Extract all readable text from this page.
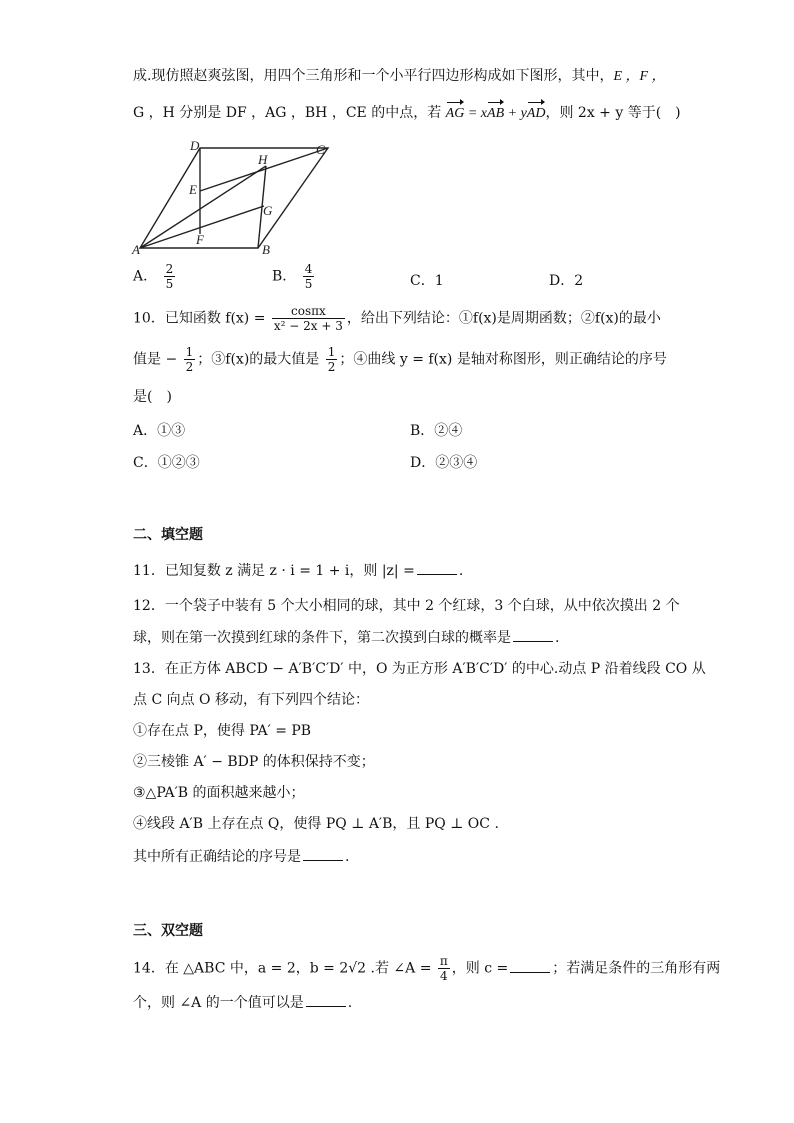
成.现仿照赵爽弦图，用四个三角形和一个小平行四边形构成如下图形，其中，E ，F ，
G ，H 分别是 DF ，AG ，BH ，CE 的中点，若 AG = xAB + yAD，则 2x + y 等于(　)
A	B
C
D
E
F
G
H
A． $\frac{2}{5}$	B． $\frac{4}{5}$	C．1	D．2
10．已知函数 $f(x) = \frac{\cos\pi x}{\text{x² − 2x + 3}}$ ，给出下列结论：①f(x)是周期函数；②f(x)的最小
值是 − $\frac{1}{2}$ ；③f(x)的最大值是 $\frac{1}{2}$ ；④曲线 y = f(x) 是轴对称图形，则正确结论的序号
是(　)
A．①③	B．②④
C．①②③	D．②③④
二、填空题
11．已知复数 z 满足 z · i = 1 + i，则 |z| =	.
12．一个袋子中装有 5 个大小相同的球，其中 2 个红球，3 个白球，从中依次摸出 2 个
球，则在第一次摸到红球的条件下，第二次摸到白球的概率是	.
13．在正方体 ABCD − A′B′C′D′ 中，O 为正方形 A′B′C′D′ 的中心.动点 P 沿着线段 CO 从
点 C 向点 O 移动，有下列四个结论：
①存在点 P，使得 PA′ = PB
②三棱锥 A′ − BDP 的体积保持不变；
③△PA′B 的面积越来越小；
④线段 A′B 上存在点 Q，使得 PQ ⊥ A′B，且 PQ ⊥ OC .
其中所有正确结论的序号是	.
三、双空题
14．在 △ABC 中，a = 2，b = 2√2 .若 ∠A = $\frac{\pi}{4}$ ，则 c =	；若满足条件的三角形有两
个，则 ∠A 的一个值可以是	.
